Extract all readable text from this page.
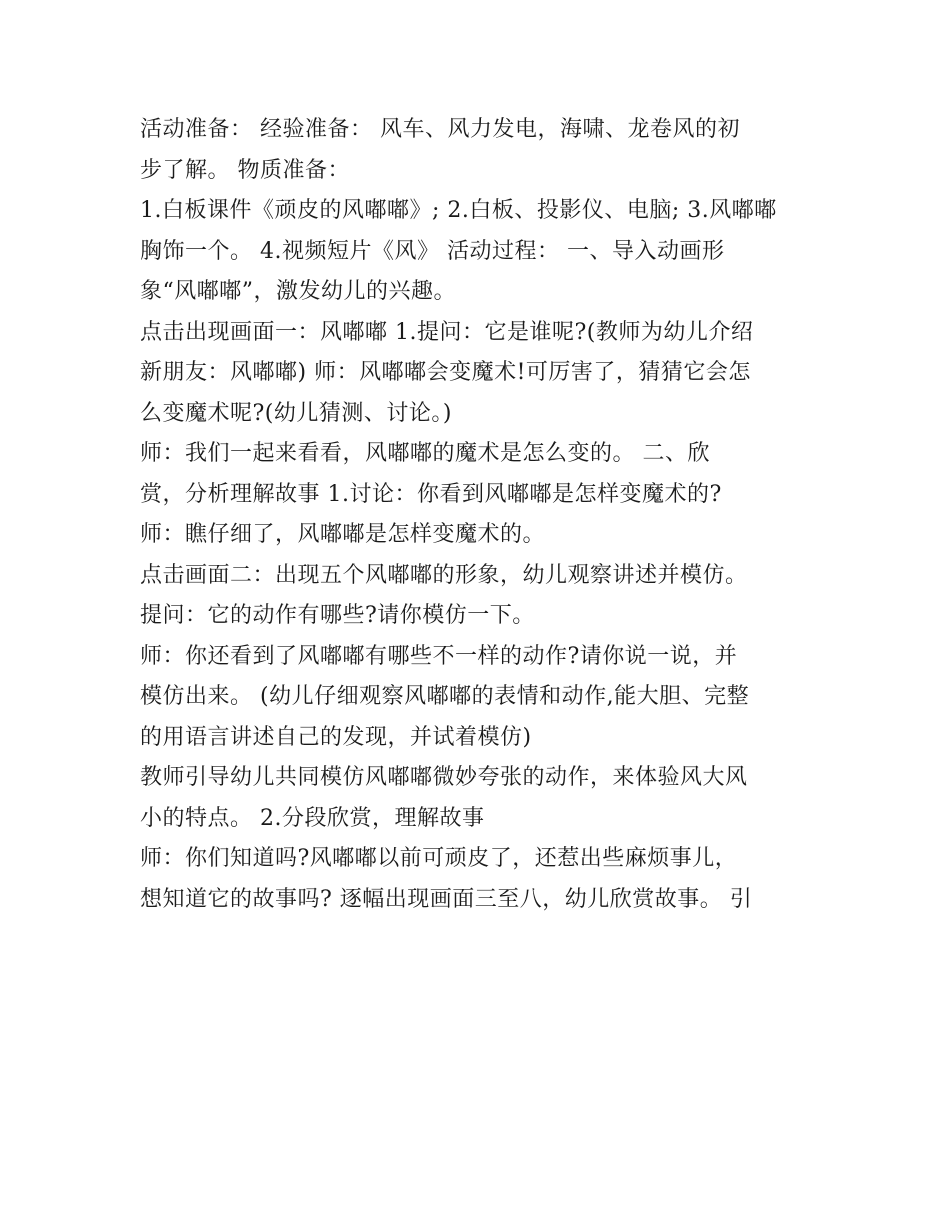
活动准备： 经验准备： 风车、风力发电，海啸、龙卷风的初
步了解。 物质准备：
1.白板课件《顽皮的风嘟嘟》; 2.白板、投影仪、电脑; 3.风嘟嘟
胸饰一个。 4.视频短片《风》 活动过程： 一、导入动画形
象“风嘟嘟”，激发幼儿的兴趣。
点击出现画面一：风嘟嘟 1.提问：它是谁呢?(教师为幼儿介绍
新朋友：风嘟嘟) 师：风嘟嘟会变魔术!可厉害了，猜猜它会怎
么变魔术呢?(幼儿猜测、讨论。)
师：我们一起来看看，风嘟嘟的魔术是怎么变的。 二、欣
赏，分析理解故事 1.讨论：你看到风嘟嘟是怎样变魔术的?
师：瞧仔细了，风嘟嘟是怎样变魔术的。
点击画面二：出现五个风嘟嘟的形象，幼儿观察讲述并模仿。
提问：它的动作有哪些?请你模仿一下。
师：你还看到了风嘟嘟有哪些不一样的动作?请你说一说，并
模仿出来。 (幼儿仔细观察风嘟嘟的表情和动作,能大胆、完整
的用语言讲述自己的发现，并试着模仿)
教师引导幼儿共同模仿风嘟嘟微妙夸张的动作，来体验风大风
小的特点。 2.分段欣赏，理解故事
师：你们知道吗?风嘟嘟以前可顽皮了，还惹出些麻烦事儿，
想知道它的故事吗? 逐幅出现画面三至八，幼儿欣赏故事。 引
